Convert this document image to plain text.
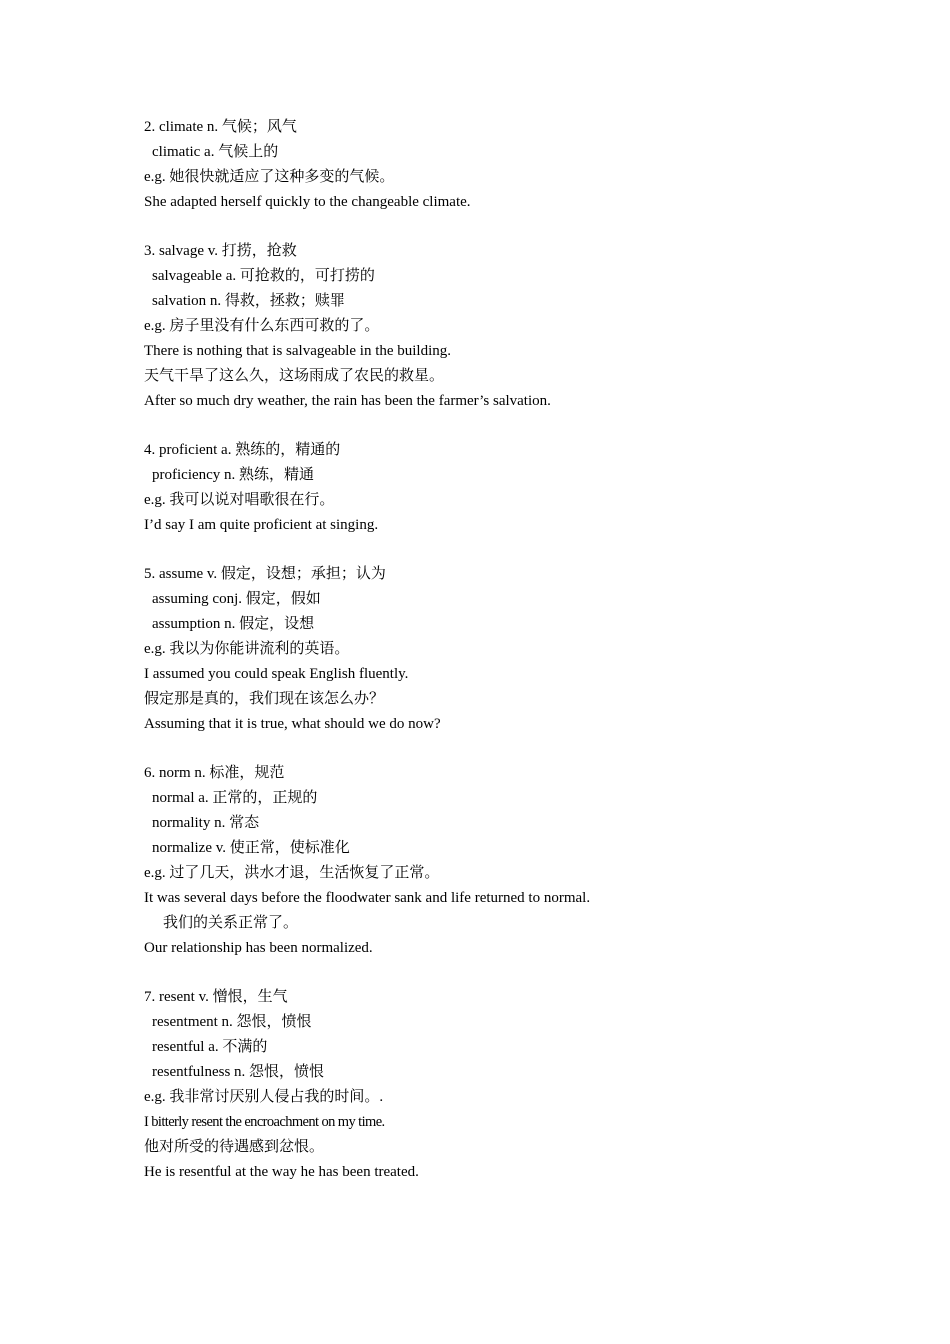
2. climate n. 气候；风气
climatic a. 气候上的
e.g. 她很快就适应了这种多变的气候。
She adapted herself quickly to the changeable climate.
3. salvage v. 打捞，抢救
salvageable a. 可抢救的，可打捞的
salvation n. 得救，拯救；赎罪
e.g. 房子里没有什么东西可救的了。
There is nothing that is salvageable in the building.
天气干旱了这么久，这场雨成了农民的救星。
After so much dry weather, the rain has been the farmer’s salvation.
4. proficient a. 熟练的，精通的
proficiency n. 熟练，精通
e.g. 我可以说对唱歌很在行。
I’d say I am quite proficient at singing.
5. assume v. 假定，设想；承担；认为
assuming conj. 假定，假如
assumption n. 假定，设想
e.g. 我以为你能讲流利的英语。
I assumed you could speak English fluently.
假定那是真的，我们现在该怎么办？
Assuming that it is true, what should we do now?
6. norm n. 标准，规范
normal a. 正常的，正规的
normality n. 常态
normalize v. 使正常，使标准化
e.g. 过了几天，洪水才退，生活恢复了正常。
It was several days before the floodwater sank and life returned to normal.
我们的关系正常了。
Our relationship has been normalized.
7. resent v. 憎恨，生气
resentment n. 怨恨，愤恨
resentful a. 不满的
resentfulness n. 怨恨，愤恨
e.g. 我非常讨厌别人侵占我的时间。.
I bitterly resent the encroachment on my time.
他对所受的待遇感到忿恨。
He is resentful at the way he has been treated.
